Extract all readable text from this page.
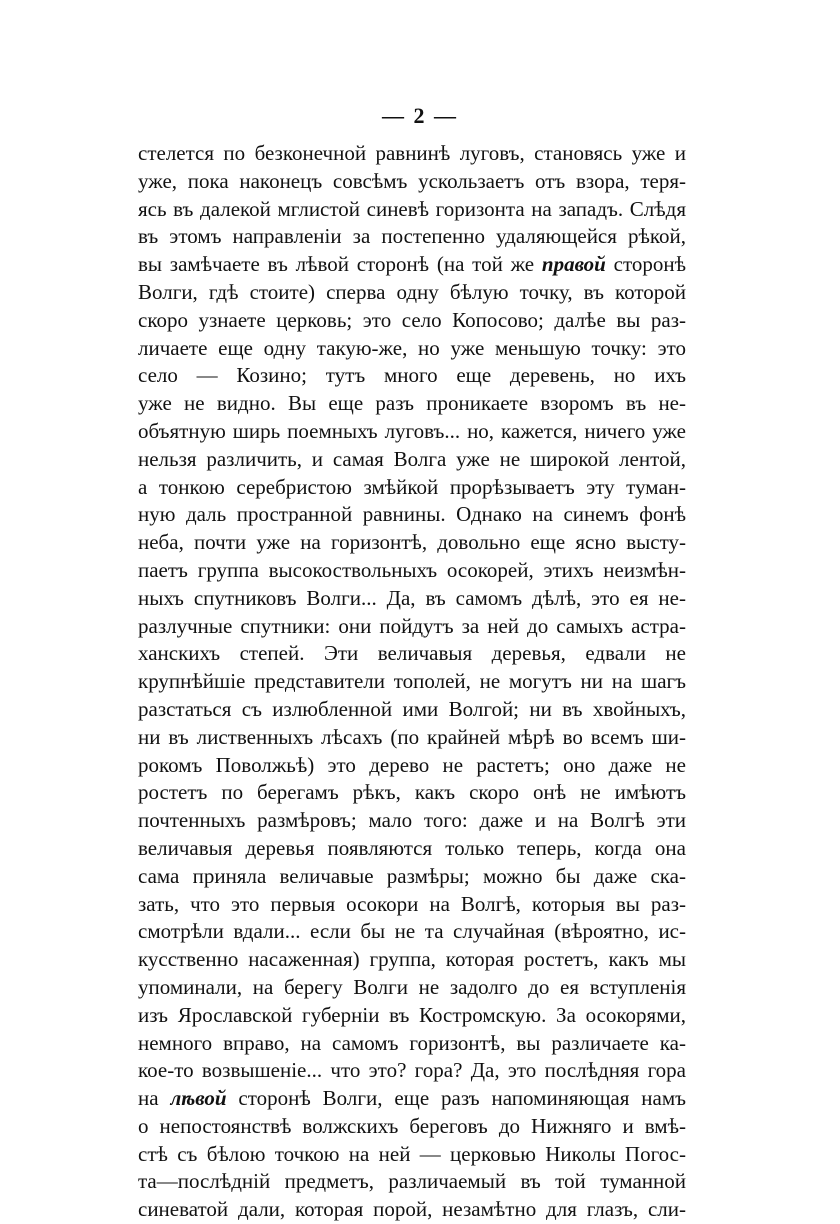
— 2 —
стелется по безконечной равнинѣ луговъ, становясь уже и
уже, пока наконецъ совсѣмъ ускользаетъ отъ взора, теря-
ясь въ далекой мглистой синевѣ горизонта на западъ. Слѣдя
въ этомъ направленіи за постепенно удаляющейся рѣкой,
вы замѣчаете въ лѣвой сторонѣ (на той же правой сторонѣ
Волги, гдѣ стоите) сперва одну бѣлую точку, въ которой
скоро узнаете церковь; это село Копосово; далѣе вы раз-
личаете еще одну такую-же, но уже меньшую точку: это
село — Козино; тутъ много еще деревень, но ихъ
уже не видно. Вы еще разъ проникаете взоромъ въ не-
объятную ширь поемныхъ луговъ... но, кажется, ничего уже
нельзя различить, и самая Волга уже не широкой лентой,
а тонкою серебристою змѣйкой прорѣзываетъ эту туман-
ную даль пространной равнины. Однако на синемъ фонѣ
неба, почти уже на горизонтѣ, довольно еще ясно высту-
паетъ группа высокоствольныхъ осокорей, этихъ неизмѣн-
ныхъ спутниковъ Волги... Да, въ самомъ дѣлѣ, это ея не-
разлучные спутники: они пойдутъ за ней до самыхъ астра-
ханскихъ степей. Эти величавыя деревья, едвали не
крупнѣйшіе представители тополей, не могутъ ни на шагъ
разстаться съ излюбленной ими Волгой; ни въ хвойныхъ,
ни въ лиственныхъ лѣсахъ (по крайней мѣрѣ во всемъ ши-
рокомъ Поволжьѣ) это дерево не растетъ; оно даже не
ростетъ по берегамъ рѣкъ, какъ скоро онѣ не имѣютъ
почтенныхъ размѣровъ; мало того: даже и на Волгѣ эти
величавыя деревья появляются только теперь, когда она
сама приняла величавые размѣры; можно бы даже ска-
зать, что это первыя осокори на Волгѣ, которыя вы раз-
смотрѣли вдали... если бы не та случайная (вѣроятно, ис-
кусственно насаженная) группа, которая ростетъ, какъ мы
упоминали, на берегу Волги не задолго до ея вступленія
изъ Ярославской губерніи въ Костромскую. За осокорями,
немного вправо, на самомъ горизонтѣ, вы различаете ка-
кое-то возвышеніе... что это? гора? Да, это послѣдняя гора
на лѣвой сторонѣ Волги, еще разъ напоминяющая намъ
о непостоянствѣ волжскихъ береговъ до Нижняго и вмѣ-
стѣ съ бѣлою точкою на ней — церковью Николы Погос-
та—послѣдній предметъ, различаемый въ той туманной
синеватой дали, которая порой, незамѣтно для глазъ, сли-
